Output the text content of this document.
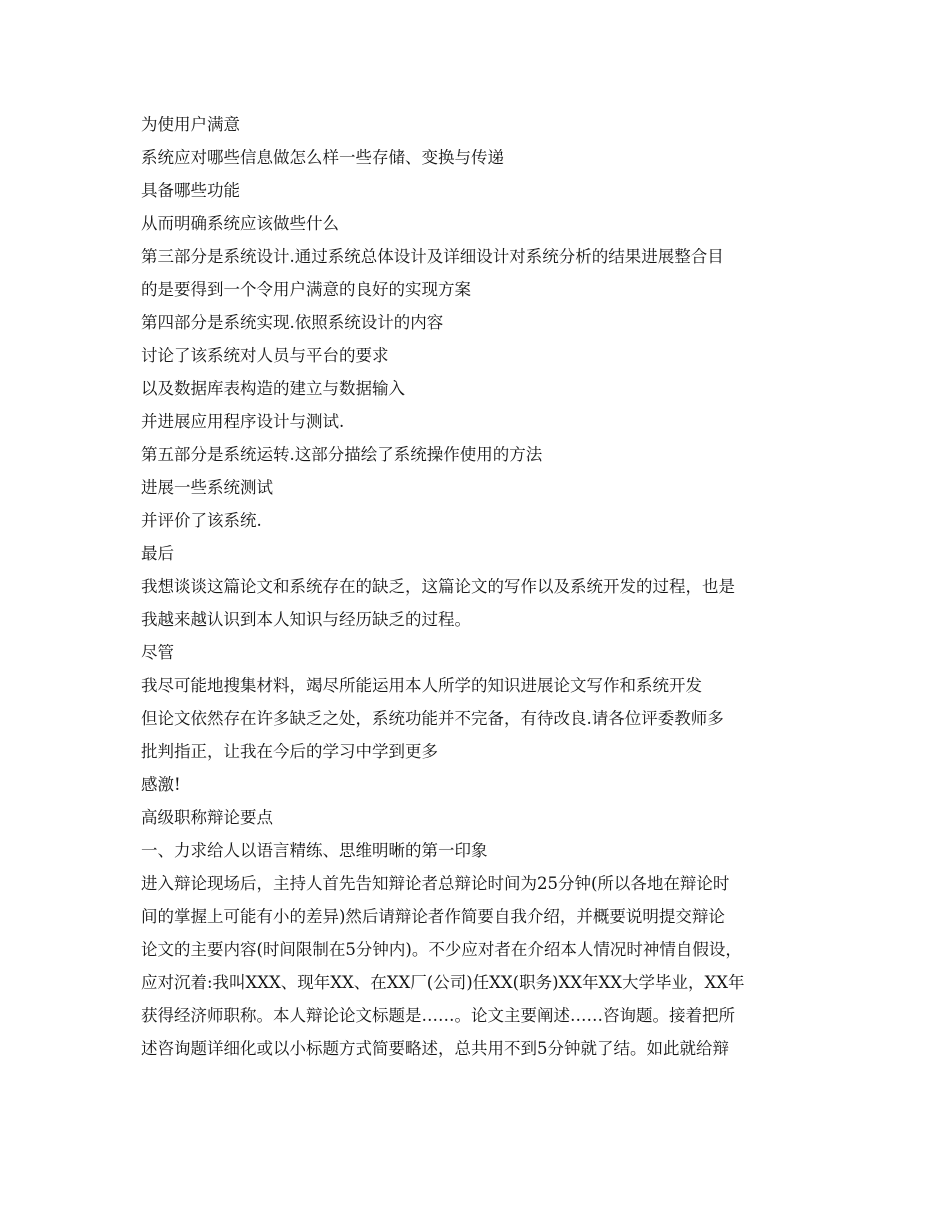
为使用户满意

系统应对哪些信息做怎么样一些存储、变换与传递

具备哪些功能

从而明确系统应该做些什么

第三部分是系统设计.通过系统总体设计及详细设计对系统分析的结果进展整合目

的是要得到一个令用户满意的良好的实现方案

第四部分是系统实现.依照系统设计的内容

讨论了该系统对人员与平台的要求

以及数据库表构造的建立与数据输入

并进展应用程序设计与测试.

第五部分是系统运转.这部分描绘了系统操作使用的方法

进展一些系统测试

并评价了该系统.

最后

我想谈谈这篇论文和系统存在的缺乏，这篇论文的写作以及系统开发的过程，也是

我越来越认识到本人知识与经历缺乏的过程。

尽管

我尽可能地搜集材料，竭尽所能运用本人所学的知识进展论文写作和系统开发

但论文依然存在许多缺乏之处，系统功能并不完备，有待改良.请各位评委教师多

批判指正，让我在今后的学习中学到更多

感激!

高级职称辩论要点

一、力求给人以语言精练、思维明晰的第一印象

进入辩论现场后，主持人首先告知辩论者总辩论时间为25分钟(所以各地在辩论时

间的掌握上可能有小的差异)然后请辩论者作简要自我介绍，并概要说明提交辩论

论文的主要内容(时间限制在5分钟内)。不少应对者在介绍本人情况时神情自假设，

应对沉着:我叫XXX、现年XX、在XX厂(公司)任XX(职务)XX年XX大学毕业，XX年

获得经济师职称。本人辩论论文标题是……。论文主要阐述……咨询题。接着把所

述咨询题详细化或以小标题方式简要略述，总共用不到5分钟就了结。如此就给辩
